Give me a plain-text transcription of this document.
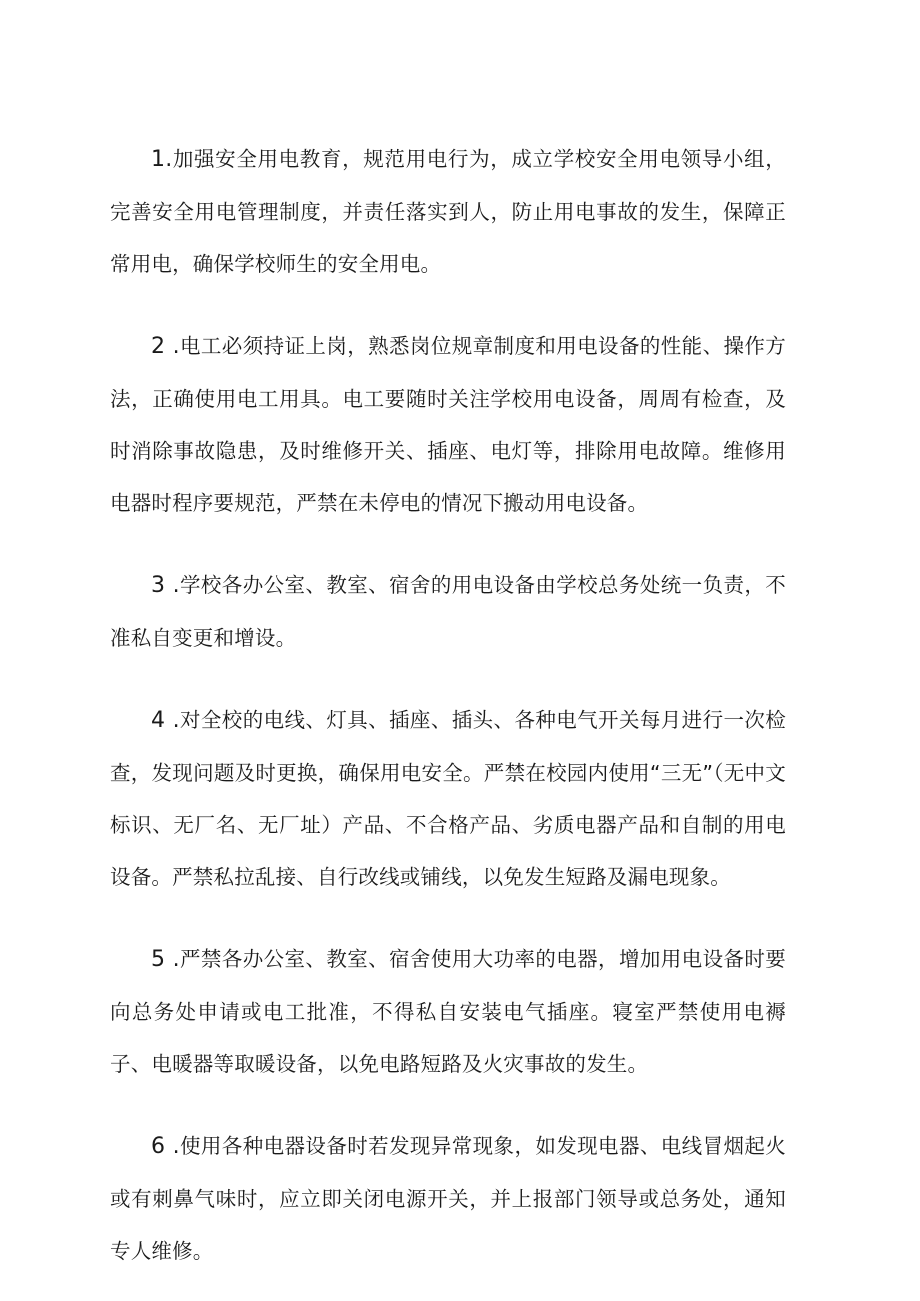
1.加强安全用电教育，规范用电行为，成立学校安全用电领导小组，完善安全用电管理制度，并责任落实到人，防止用电事故的发生，保障正常用电，确保学校师生的安全用电。

2 .电工必须持证上岗，熟悉岗位规章制度和用电设备的性能、操作方法，正确使用电工用具。电工要随时关注学校用电设备，周周有检查，及时消除事故隐患，及时维修开关、插座、电灯等，排除用电故障。维修用电器时程序要规范，严禁在未停电的情况下搬动用电设备。

3 .学校各办公室、教室、宿舍的用电设备由学校总务处统一负责，不准私自变更和增设。

4 .对全校的电线、灯具、插座、插头、各种电气开关每月进行一次检查，发现问题及时更换，确保用电安全。严禁在校园内使用“三无”（无中文标识、无厂名、无厂址）产品、不合格产品、劣质电器产品和自制的用电设备。严禁私拉乱接、自行改线或铺线，以免发生短路及漏电现象。

5 .严禁各办公室、教室、宿舍使用大功率的电器，增加用电设备时要向总务处申请或电工批准，不得私自安装电气插座。寝室严禁使用电褥子、电暖器等取暖设备，以免电路短路及火灾事故的发生。

6 .使用各种电器设备时若发现异常现象，如发现电器、电线冒烟起火或有刺鼻气味时，应立即关闭电源开关，并上报部门领导或总务处，通知专人维修。
